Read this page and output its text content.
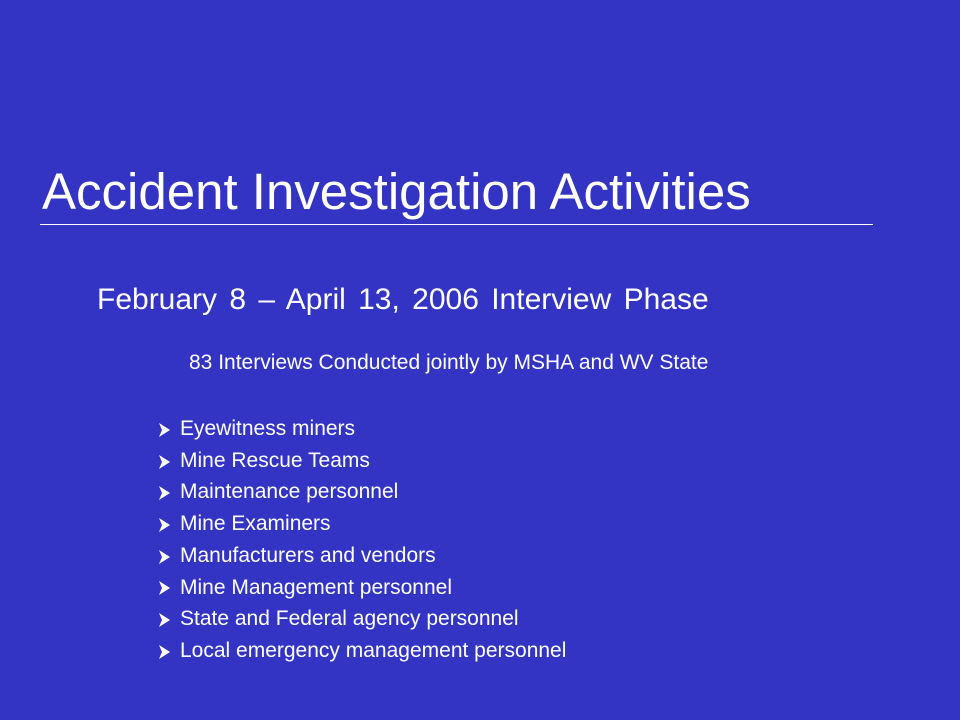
Accident Investigation Activities
February 8 – April 13, 2006 Interview Phase
83 Interviews Conducted jointly by MSHA and WV State
Eyewitness miners
Mine Rescue Teams
Maintenance personnel
Mine Examiners
Manufacturers and vendors
Mine Management personnel
State and Federal agency personnel
Local emergency management personnel
